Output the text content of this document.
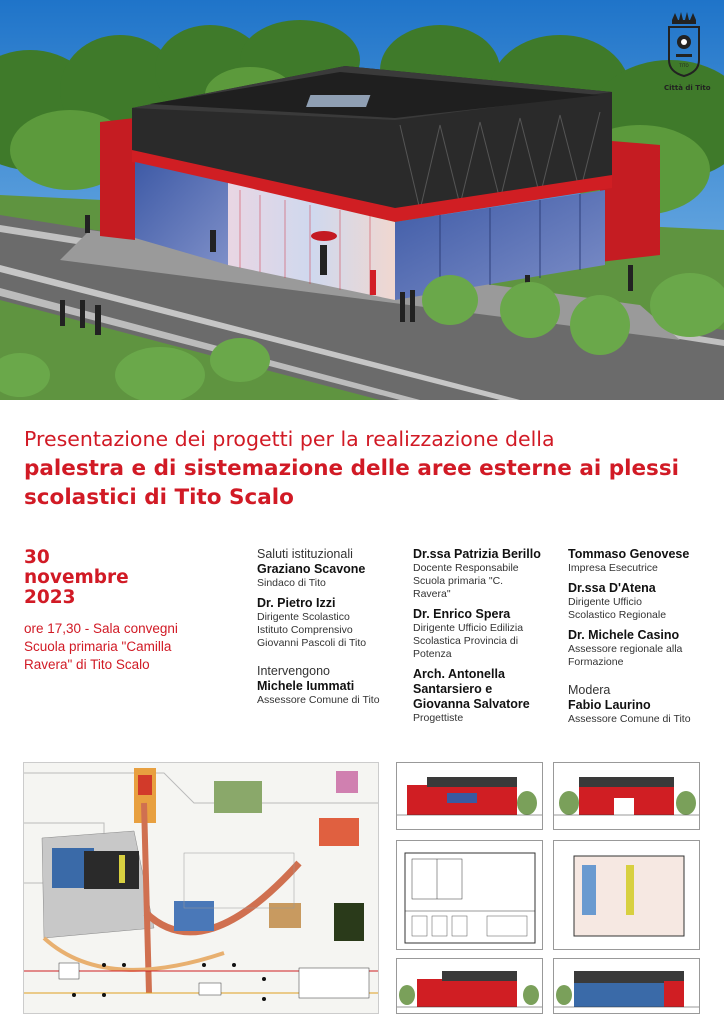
TITO
Città di Tito
Presentazione dei progetti per la realizzazione della
palestra e di sistemazione delle aree esterne ai plessi
scolastici di Tito Scalo
30
novembre
2023
ore 17,30 - Sala convegni
Scuola primaria "Camilla
Ravera" di Tito Scalo
Saluti istituzionali
Graziano Scavone
Sindaco di Tito
Dr. Pietro Izzi
Dirigente Scolastico
Istituto Comprensivo
Giovanni Pascoli di Tito
Intervengono
Michele Iummati
Assessore Comune di Tito
Dr.ssa Patrizia Berillo
Docente Responsabile
Scuola primaria "C.
Ravera"
Dr. Enrico Spera
Dirigente Ufficio Edilizia
Scolastica Provincia di
Potenza
Arch. Antonella
Santarsiero e
Giovanna Salvatore
Progettiste
Tommaso Genovese
Impresa Esecutrice
Dr.ssa D'Atena
Dirigente Ufficio
Scolastico Regionale
Dr. Michele Casino
Assessore regionale alla
Formazione
Modera
Fabio Laurino
Assessore Comune di Tito
